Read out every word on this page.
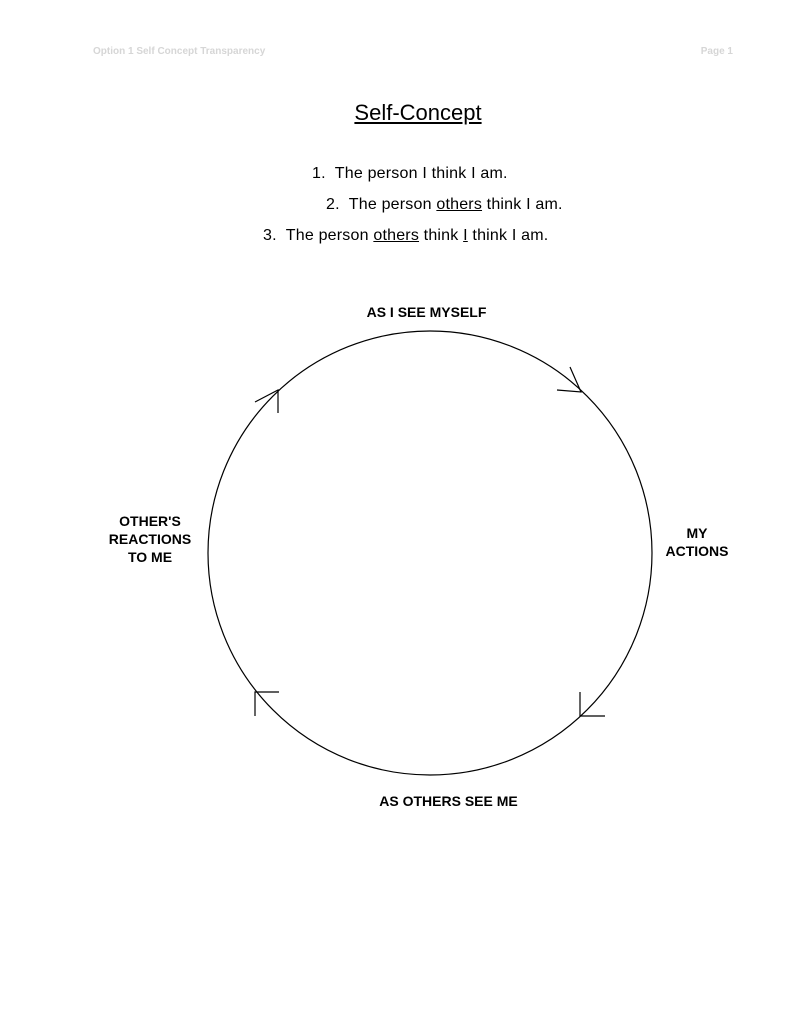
Option 1 Self Concept Transparency	Page 1
Self-Concept
1. The person I think I am.
2. The person others think I am.
3. The person others think I think I am.
AS I SEE MYSELF
MY
ACTIONS
AS OTHERS SEE ME
OTHER'S
REACTIONS
TO ME
